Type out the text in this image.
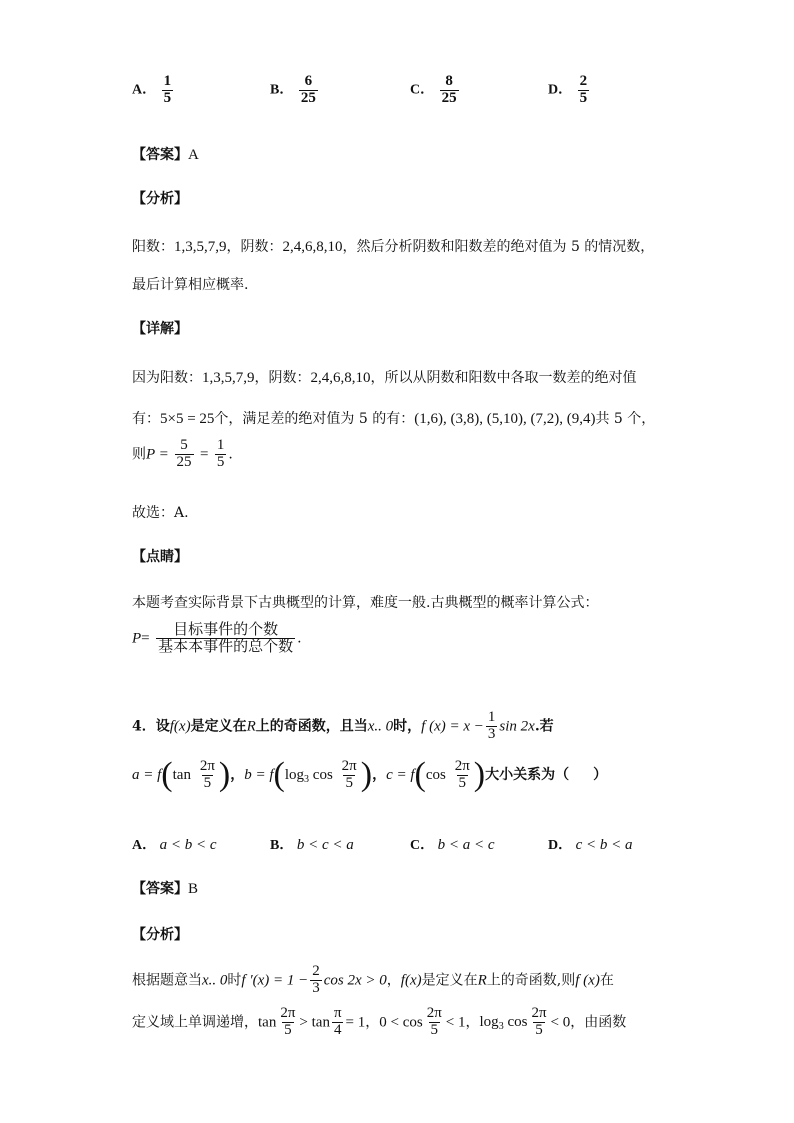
A． $\frac{1}{5}$	B． $\frac{6}{25}$	C． $\frac{8}{25}$	D． $\frac{2}{5}$
【答案】A
【分析】
阳数：1,3,5,7,9，阴数：2,4,6,8,10，然后分析阴数和阳数差的绝对值为 5 的情况数，
最后计算相应概率.
【详解】
因为阳数：1,3,5,7,9，阴数：2,4,6,8,10，所以从阴数和阳数中各取一数差的绝对值
有：5×5 = 25个，满足差的绝对值为 5 的有：(1,6), (3,8), (5,10), (7,2), (9,4)共 5 个，
则$P = \frac{5}{25} = \frac{1}{5}$ .
故选：A.
【点睛】
本题考查实际背景下古典概型的计算，难度一般.古典概型的概率计算公式：
$P= \frac{\text{目标事件的个数}}{\text{基本本事件的总个数}}$ .
4．设f(x)是定义在R上的奇函数，且当x.. 0时，f $(x) = x - \frac{1}{3}$ sin 2x.若
$a = f(\tan \frac{2\pi}{5}$ )，$b = f(\log_3$ $\cos \frac{2\pi}{5}$ )，$c = f(\cos \frac{2\pi}{5}$ )大小关系为（ ）
A． a < b < c	B． b < c < a	C． b < a < c	D． c < b < a
【答案】B
【分析】
根据题意当x.. 0时f $'(x) = 1 - \frac{2}{3}$ cos 2x > 0，f(x)是定义在R上的奇函数,则f (x)在
定义域上单调递增，$\tan \frac{2\pi}{5} > \tan \frac{\pi}{4} = 1$，$0 < \cos \frac{2\pi}{5} < 1$，$\log_3 \cos \frac{2\pi}{5} < 0$，由函数
